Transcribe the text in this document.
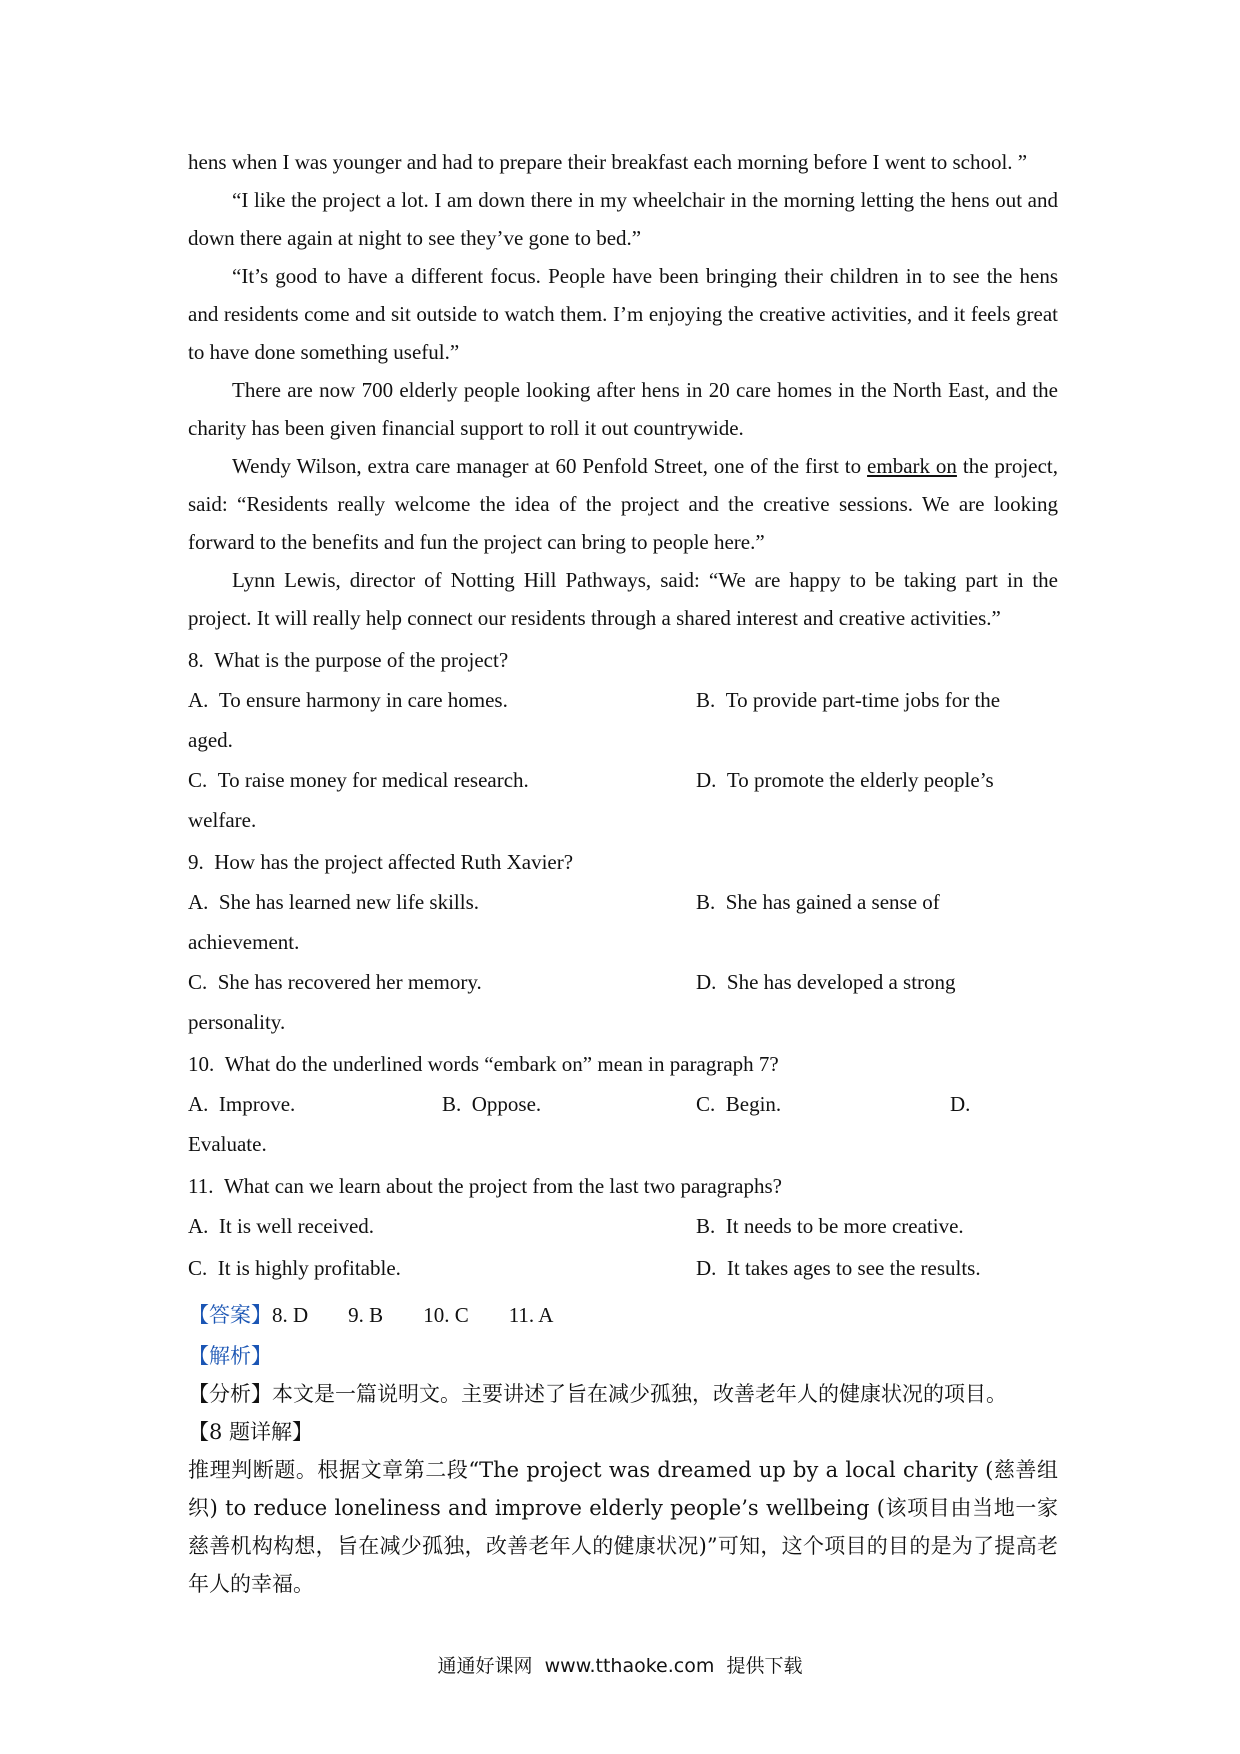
hens when I was younger and had to prepare their breakfast each morning before I went to school. ”

“I like the project a lot. I am down there in my wheelchair in the morning letting the hens out and down there again at night to see they’ve gone to bed.”

“It’s good to have a different focus. People have been bringing their children in to see the hens and residents come and sit outside to watch them. I’m enjoying the creative activities, and it feels great to have done something useful.”

There are now 700 elderly people looking after hens in 20 care homes in the North East, and the charity has been given financial support to roll it out countrywide.

Wendy Wilson, extra care manager at 60 Penfold Street, one of the first to embark on the project, said: “Residents really welcome the idea of the project and the creative sessions. We are looking forward to the benefits and fun the project can bring to people here.”

Lynn Lewis, director of Notting Hill Pathways, said: “We are happy to be taking part in the project. It will really help connect our residents through a shared interest and creative activities.”

8.  What is the purpose of the project?
A.  To ensure harmony in care homes.	B.  To provide part-time jobs for the
aged.
C.  To raise money for medical research.	D.  To promote the elderly people’s
welfare.
9.  How has the project affected Ruth Xavier?
A.  She has learned new life skills.	B.  She has gained a sense of
achievement.
C.  She has recovered her memory.	D.  She has developed a strong
personality.
10.  What do the underlined words “embark on” mean in paragraph 7?
A.  Improve.	B.  Oppose.	C.  Begin.	D.
Evaluate.
11.  What can we learn about the project from the last two paragraphs?
A.  It is well received.	B.  It needs to be more creative.
C.  It is highly profitable.	D.  It takes ages to see the results.
【答案】8. D 9. B 10. C 11. A
【解析】
【分析】本文是一篇说明文。主要讲述了旨在减少孤独，改善老年人的健康状况的项目。
【8 题详解】
推理判断题。根据文章第二段“The project was dreamed up by a local charity (慈善组织) to reduce loneliness and improve elderly people’s wellbeing (该项目由当地一家慈善机构构想，旨在减少孤独，改善老年人的健康状况)”可知，这个项目的目的是为了提高老年人的幸福。
通通好课网  www.tthaoke.com  提供下载
